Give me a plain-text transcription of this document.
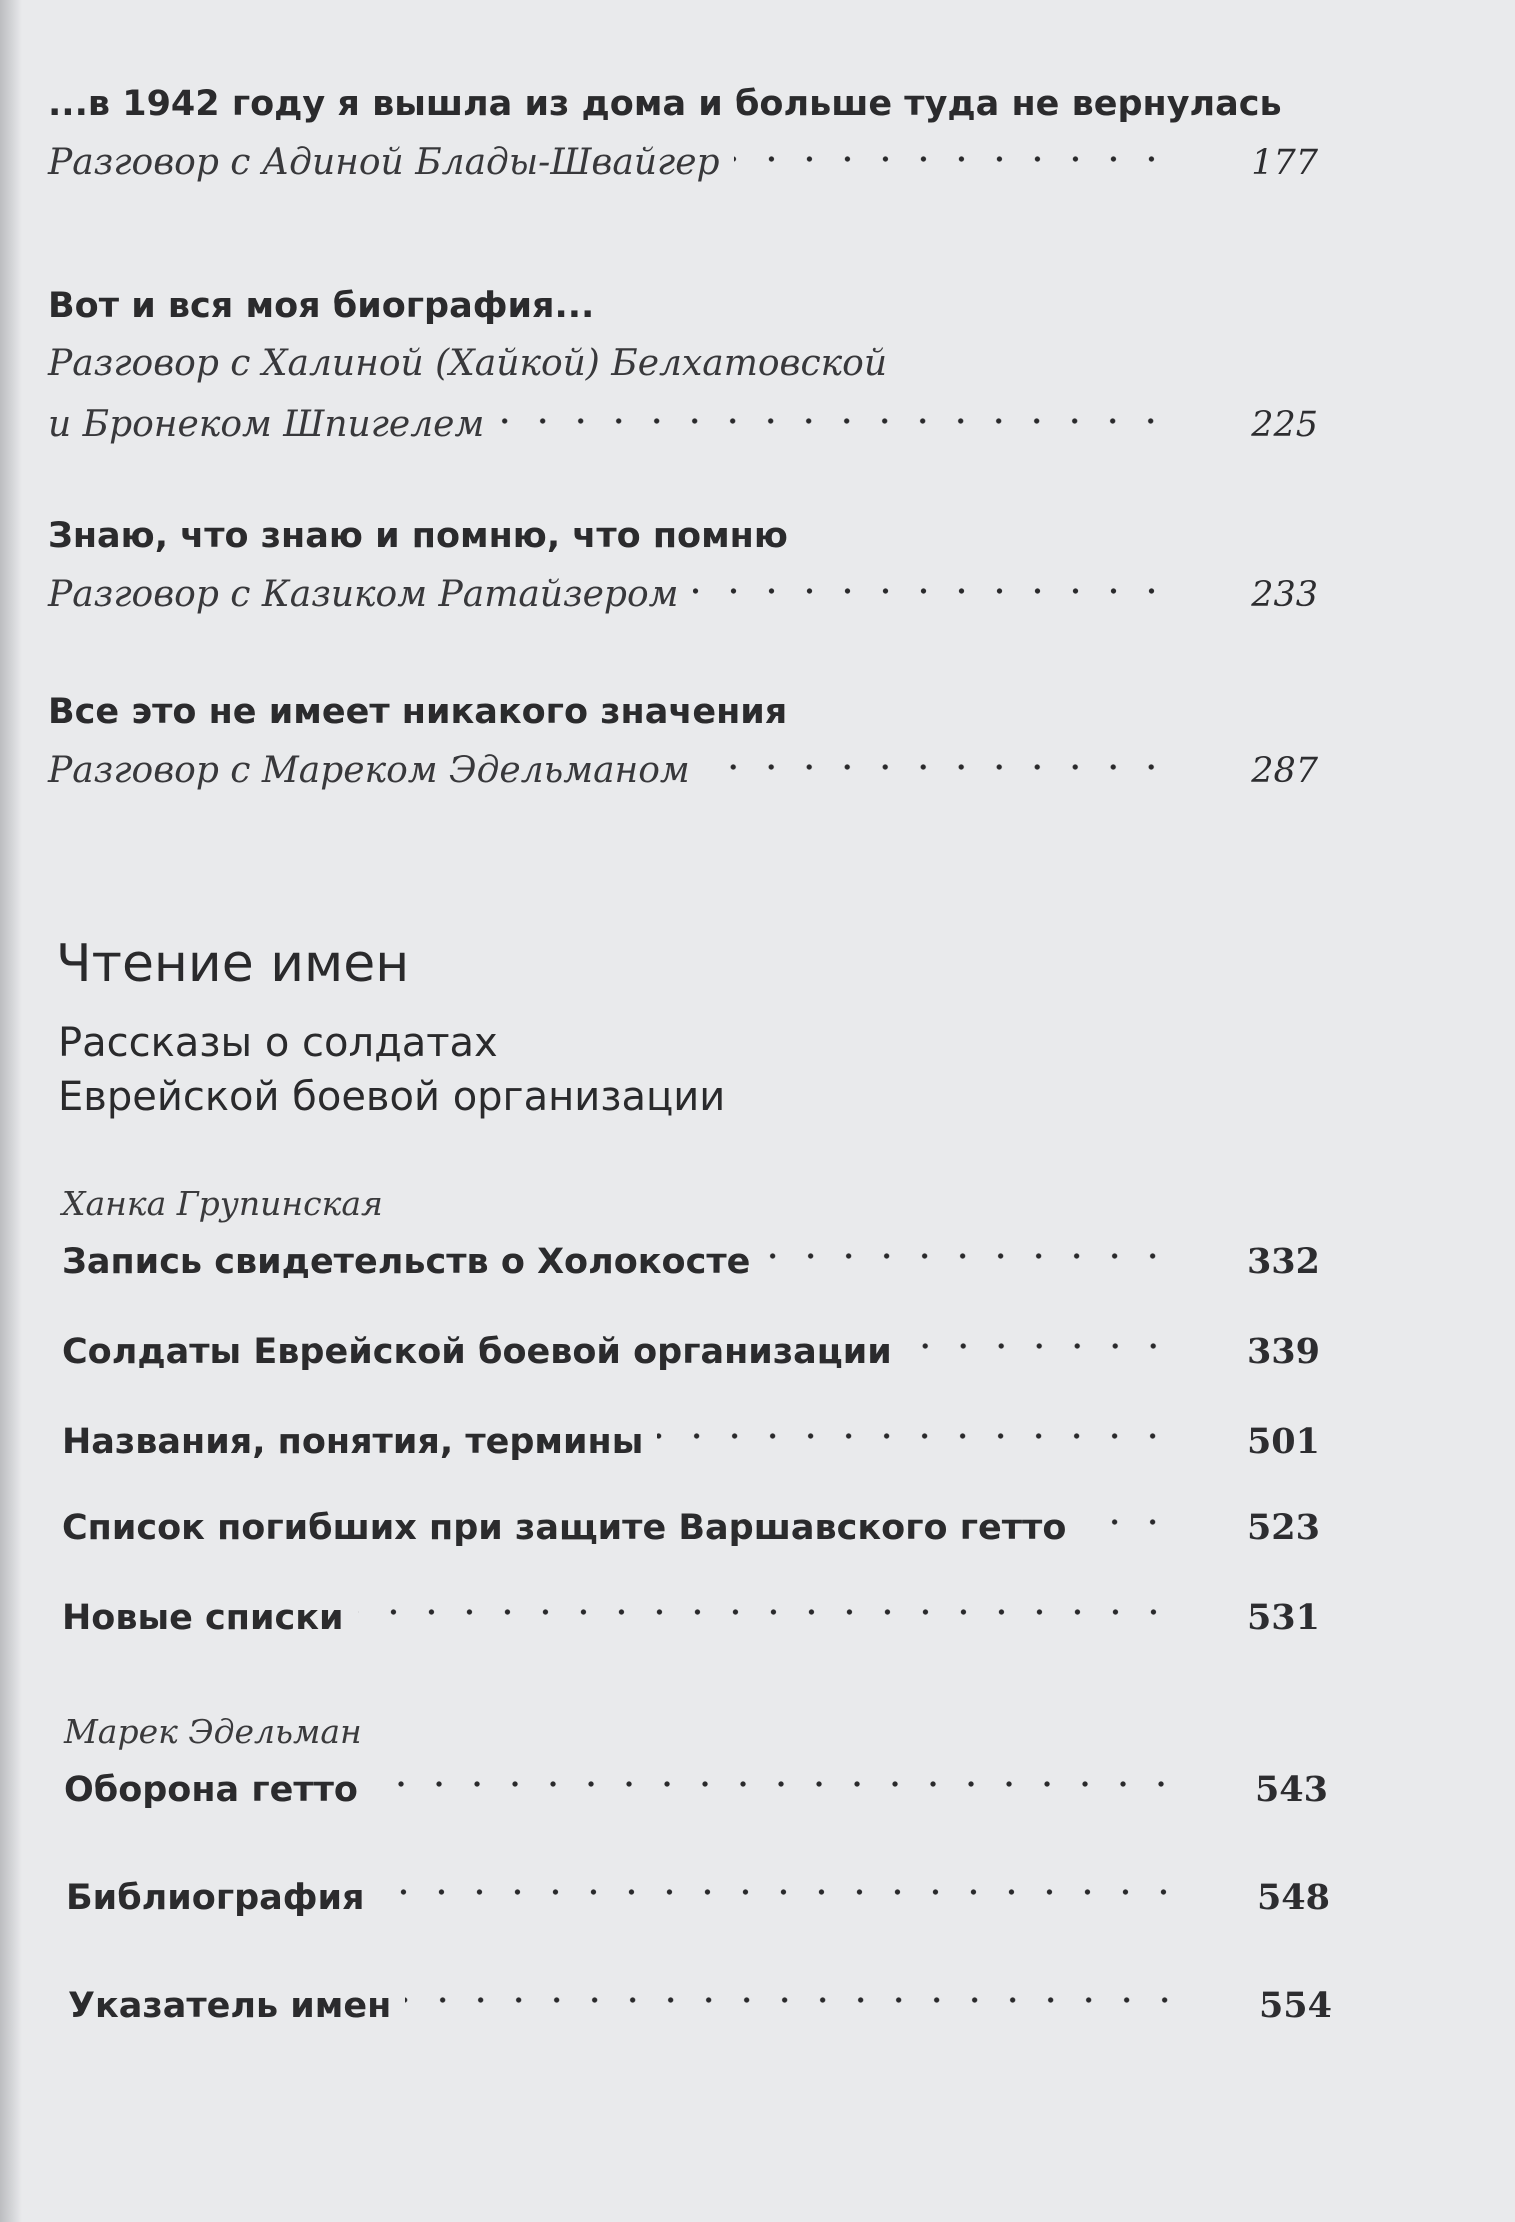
...в 1942 году я вышла из дома и больше туда не вернулась
Разговор с Адиной Блады-Швайгер	177
Вот и вся моя биография...
Разговор с Халиной (Хайкой) Белхатовской
и Бронеком Шпигелем	225
Знаю, что знаю и помню, что помню
Разговор с Казиком Ратайзером	233
Все это не имеет никакого значения
Разговор с Мареком Эдельманом	287
Чтение имен
Рассказы о солдатах
Еврейской боевой организации
Ханка Групинская
Запись свидетельств о Холокосте	332
Солдаты Еврейской боевой организации	339
Названия, понятия, термины	501
Список погибших при защите Варшавского гетто	523
Новые списки	531
Марек Эдельман
Оборона гетто	543
Библиография	548
Указатель имен	554
